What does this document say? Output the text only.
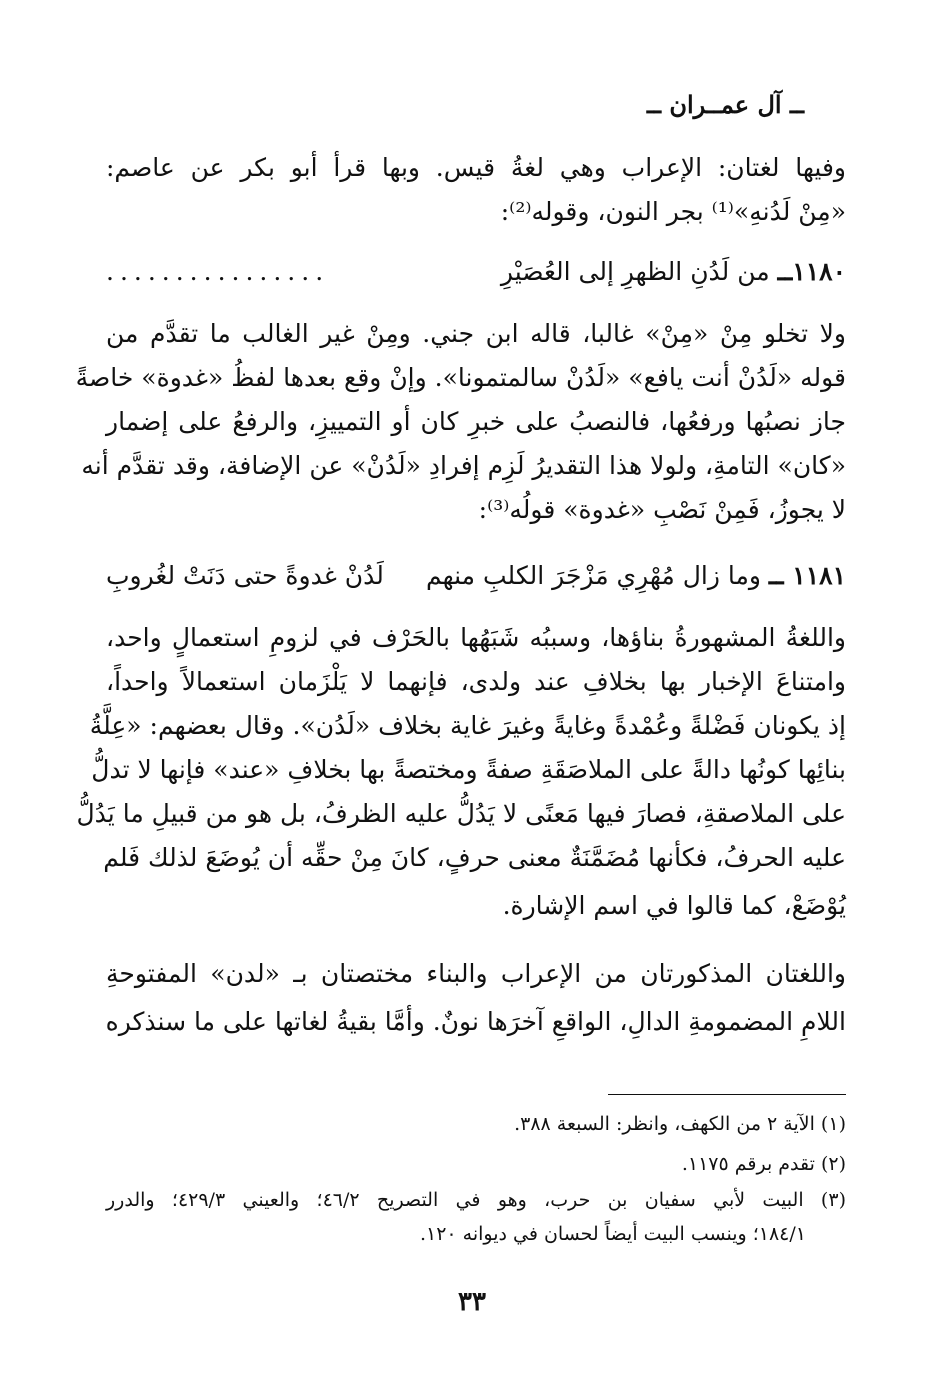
ــ آل عمــران ــ
وفيها لغتان: الإعراب وهي لغةُ قيس. وبها قرأ أبو بكر عن عاصم:
«مِنْ لَدُنهِ»⁽¹⁾ بجر النون، وقوله⁽²⁾:
١١٨٠ــ من لَدُنِ الظهرِ إلى العُصَيْرِ
................
ولا تخلو مِنْ «مِنْ» غالبا، قاله ابن جني. ومِنْ غير الغالب ما تقدَّم من
قوله «لَدُنْ أنت يافع» «لَدُنْ سالمتمونا». وإنْ وقع بعدها لفظُ «غدوة» خاصةً
جاز نصبُها ورفعُها، فالنصبُ على خبرِ كان أو التمييزِ، والرفعُ على إضمار
«كان» التامةِ، ولولا هذا التقديرُ لَزِم إفرادِ «لَدُنْ» عن الإضافة، وقد تقدَّم أنه
لا يجوزُ، فَمِنْ نَصْبِ «غدوة» قولُه⁽³⁾:
١١٨١ ــ وما زال مُهْرِي مَزْجَرَ الكلبِ منهم
لَدُنْ غدوةً حتى دَنَتْ لغُروبِ
واللغةُ المشهورةُ بناؤها، وسببُه شَبَهُها بالحَرْف في لزومِ استعمالٍ واحد،
وامتناعَ الإخبار بها بخلافِ عند ولدى، فإنهما لا يَلْزَمان استعمالاً واحداً،
إذ يكونان فَضْلةً وعُمْدةً وغايةً وغيرَ غاية بخلاف «لَدُن». وقال بعضهم: «عِلَّةُ
بنائِها كونُها دالةً على الملاصَقَةِ صفةً ومختصةً بها بخلافِ «عند» فإنها لا تدلُّ
على الملاصقةِ، فصارَ فيها مَعنًى لا يَدُلُّ عليه الظرفُ، بل هو من قبيلِ ما يَدُلُّ
عليه الحرفُ، فكأنها مُضَمَّنَةٌ معنى حرفٍ، كانَ مِنْ حقِّه أن يُوضَعَ لذلك فَلم
يُوْضَعْ، كما قالوا في اسم الإشارة.
واللغتان المذكورتان من الإعراب والبناء مختصتان بـ «لدن» المفتوحةِ
اللامِ المضمومةِ الدالِ، الواقعِ آخرَها نونٌ. وأمَّا بقيةُ لغاتها على ما سنذكره
(١) الآية ٢ من الكهف، وانظر: السبعة ٣٨٨.
(٢) تقدم برقم ١١٧٥.
(٣) البيت لأبي سفيان بن حرب، وهو في التصريح ٤٦/٢؛ والعيني ٤٢٩/٣؛ والدرر
١٨٤/١؛ وينسب البيت أيضاً لحسان في ديوانه ١٢٠.
٣٣
